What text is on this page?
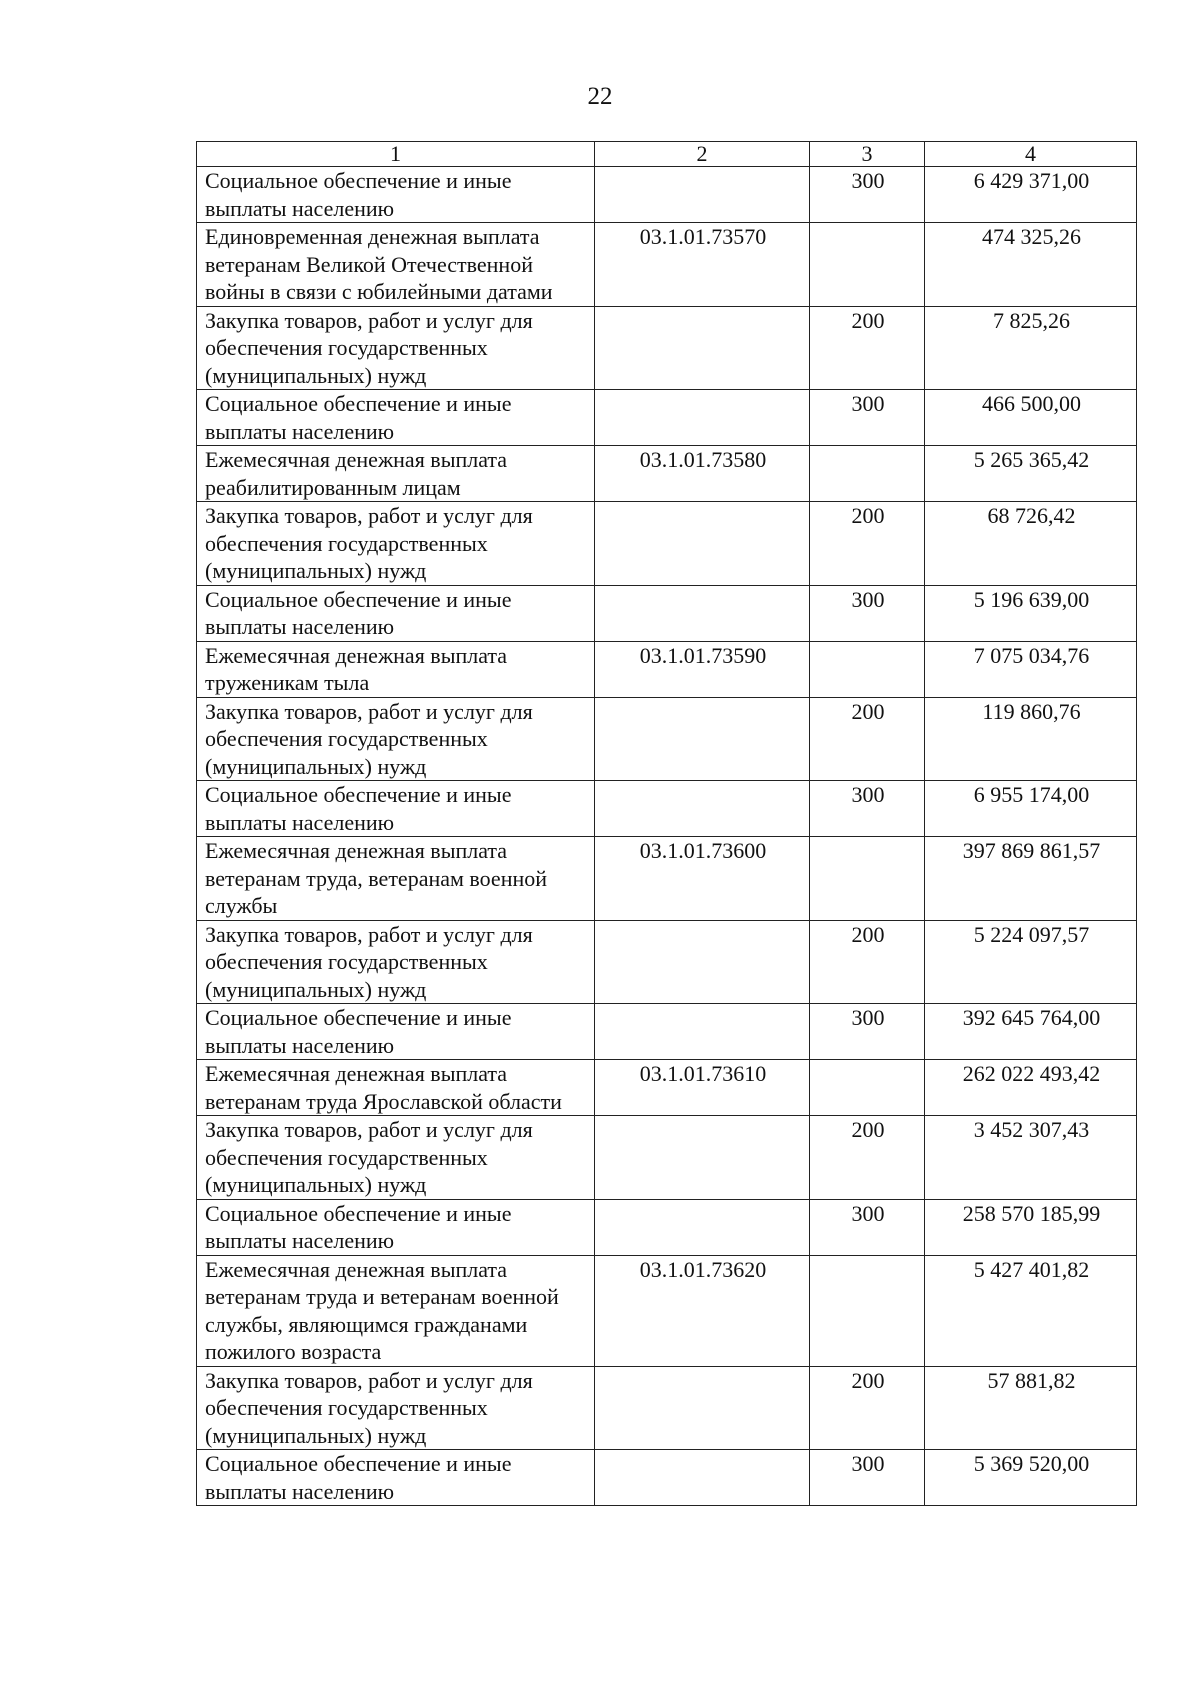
22
1	2	3	4
Социальное обеспечение и иные выплаты населению		300	6 429 371,00
Единовременная денежная выплата ветеранам Великой Отечественной войны в связи с юбилейными датами	03.1.01.73570		474 325,26
Закупка товаров, работ и услуг для обеспечения государственных (муниципальных) нужд		200	7 825,26
Социальное обеспечение и иные выплаты населению		300	466 500,00
Ежемесячная денежная выплата реабилитированным лицам	03.1.01.73580		5 265 365,42
Закупка товаров, работ и услуг для обеспечения государственных (муниципальных) нужд		200	68 726,42
Социальное обеспечение и иные выплаты населению		300	5 196 639,00
Ежемесячная денежная выплата труженикам тыла	03.1.01.73590		7 075 034,76
Закупка товаров, работ и услуг для обеспечения государственных (муниципальных) нужд		200	119 860,76
Социальное обеспечение и иные выплаты населению		300	6 955 174,00
Ежемесячная денежная выплата ветеранам труда, ветеранам военной службы	03.1.01.73600		397 869 861,57
Закупка товаров, работ и услуг для обеспечения государственных (муниципальных) нужд		200	5 224 097,57
Социальное обеспечение и иные выплаты населению		300	392 645 764,00
Ежемесячная денежная выплата ветеранам труда Ярославской области	03.1.01.73610		262 022 493,42
Закупка товаров, работ и услуг для обеспечения государственных (муниципальных) нужд		200	3 452 307,43
Социальное обеспечение и иные выплаты населению		300	258 570 185,99
Ежемесячная денежная выплата ветеранам труда и ветеранам военной службы, являющимся гражданами пожилого возраста	03.1.01.73620		5 427 401,82
Закупка товаров, работ и услуг для обеспечения государственных (муниципальных) нужд		200	57 881,82
Социальное обеспечение и иные выплаты населению		300	5 369 520,00
